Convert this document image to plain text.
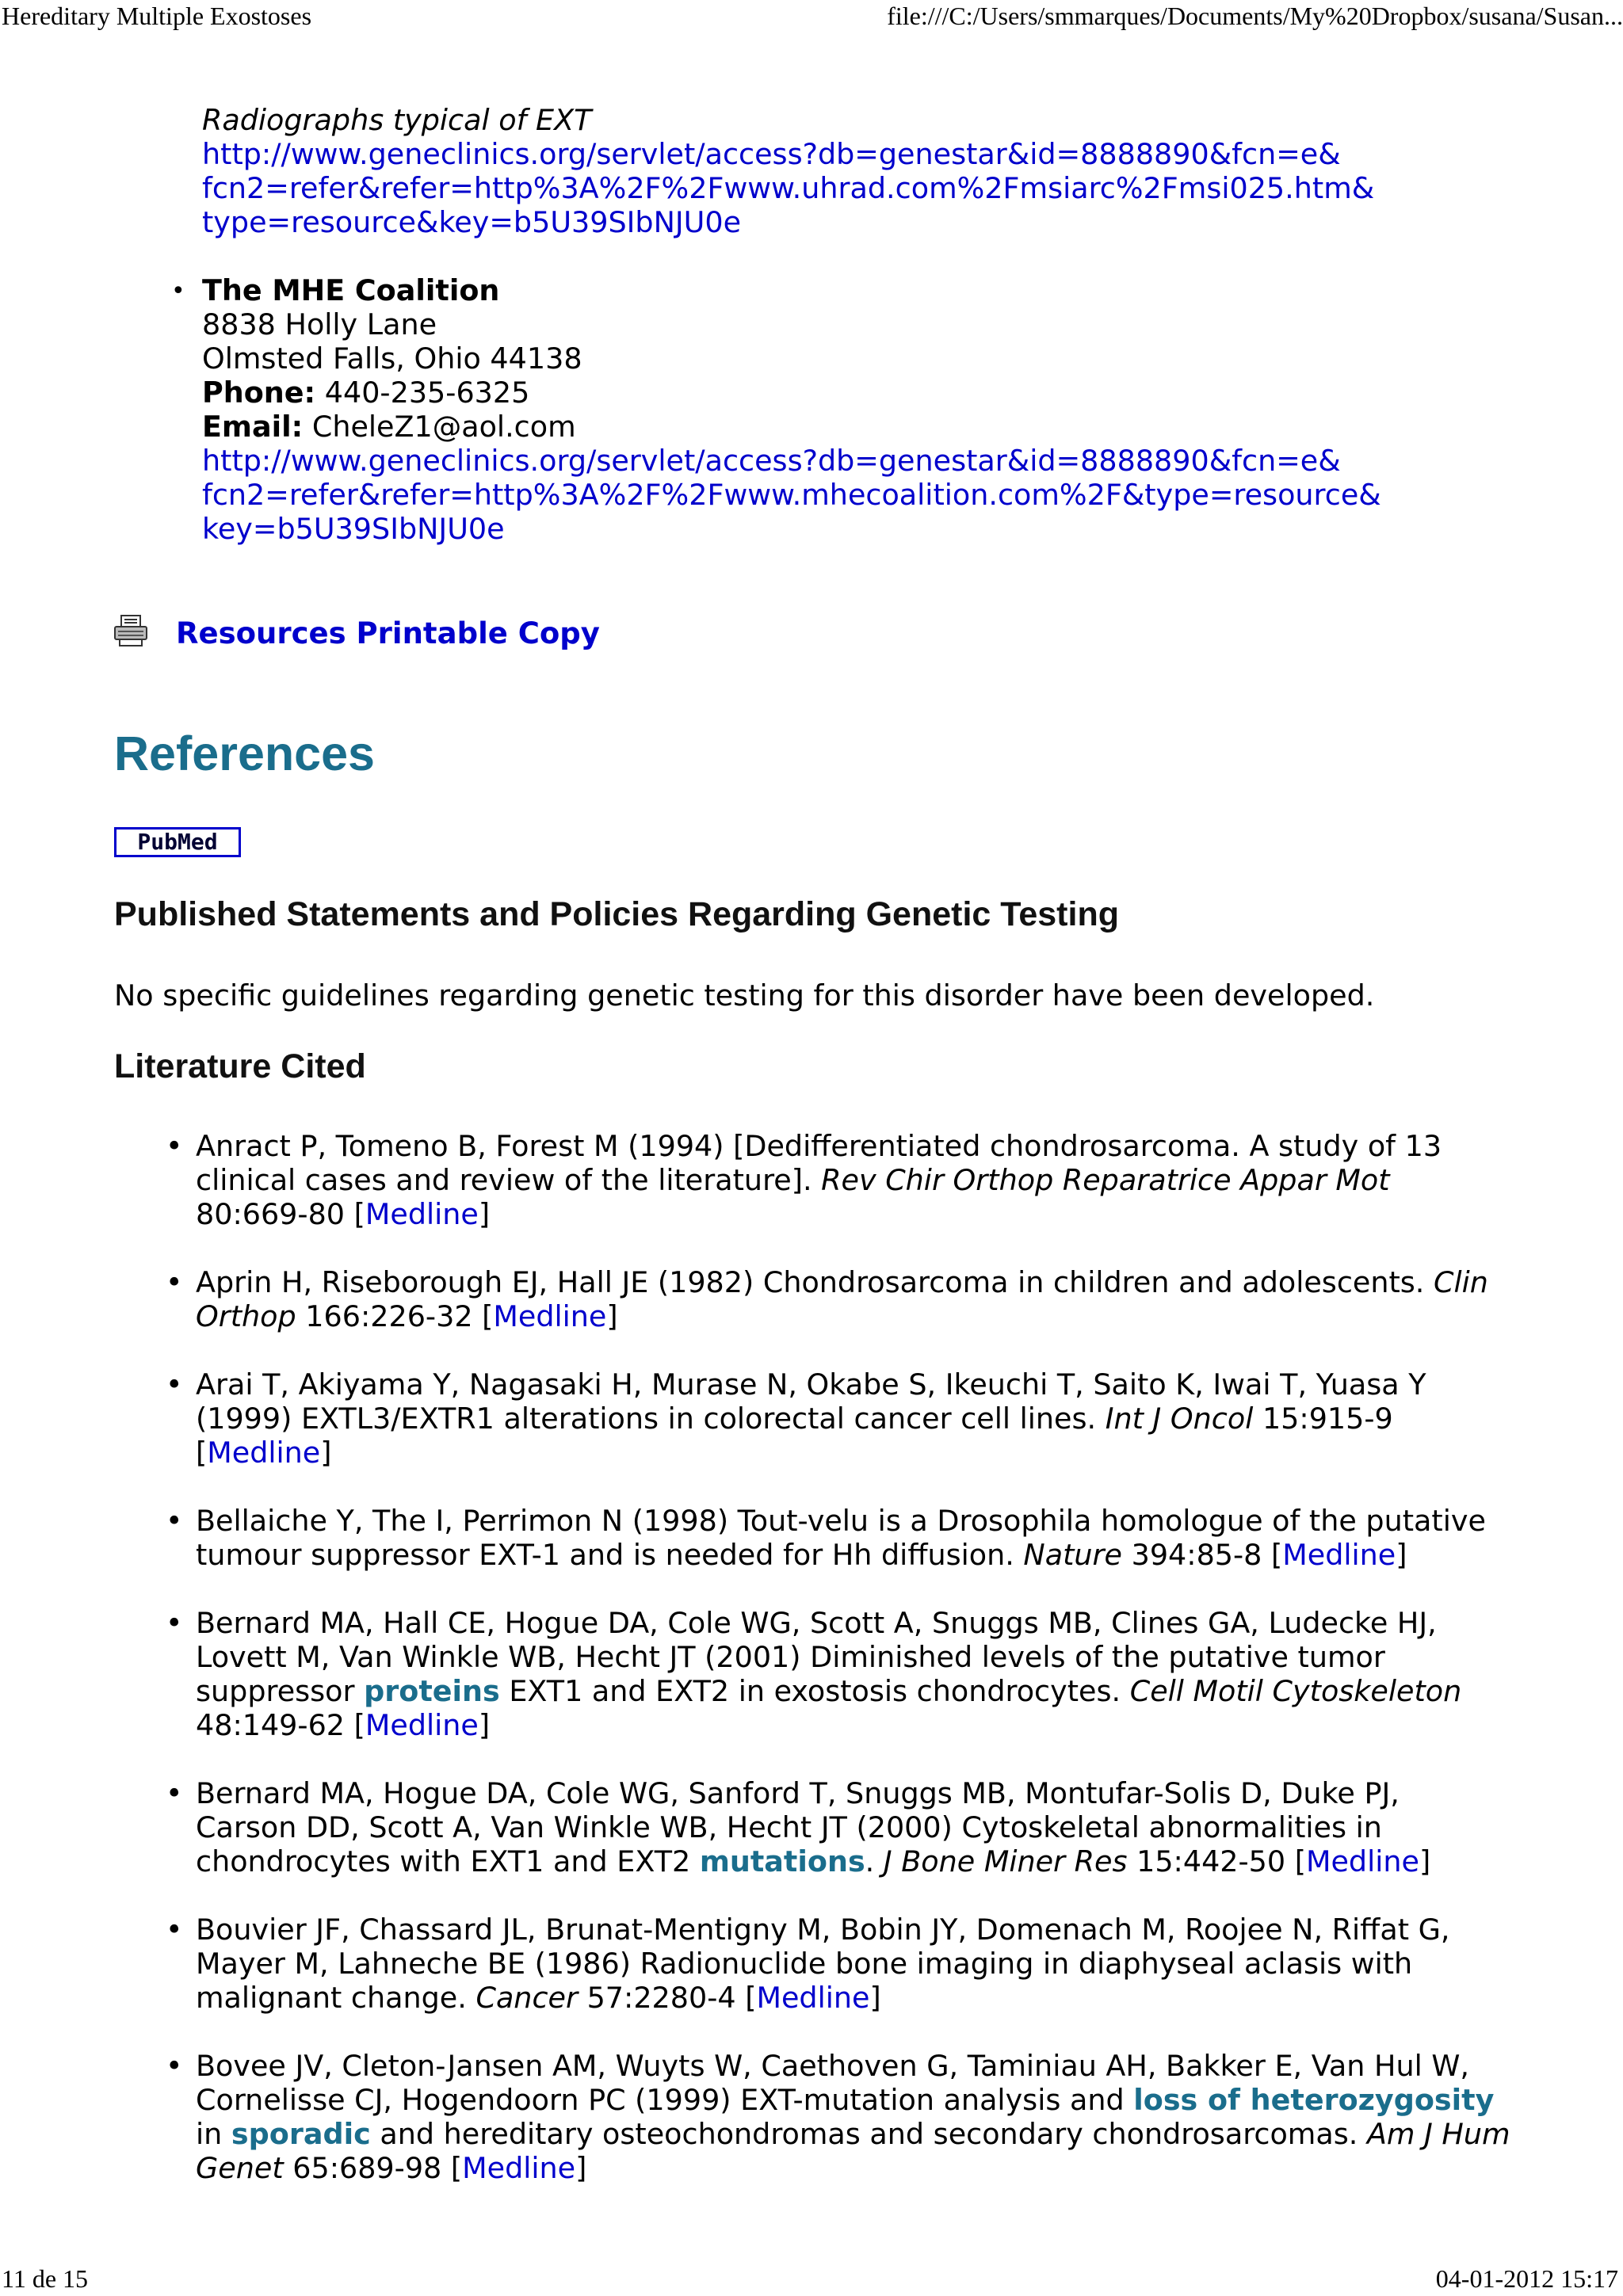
Hereditary Multiple Exostoses	file:///C:/Users/smmarques/Documents/My%20Dropbox/susana/Susan...
Radiographs typical of EXT
http://www.geneclinics.org/servlet/access?db=genestar&id=8888890&fcn=e&
fcn2=refer&refer=http%3A%2F%2Fwww.uhrad.com%2Fmsiarc%2Fmsi025.htm&
type=resource&key=b5U39SIbNJU0e
• The MHE Coalition
8838 Holly Lane
Olmsted Falls, Ohio 44138
Phone: 440-235-6325
Email: CheleZ1@aol.com
http://www.geneclinics.org/servlet/access?db=genestar&id=8888890&fcn=e&
fcn2=refer&refer=http%3A%2F%2Fwww.mhecoalition.com%2F&type=resource&
key=b5U39SIbNJU0e
Resources Printable Copy
References
PubMed
Published Statements and Policies Regarding Genetic Testing
No specific guidelines regarding genetic testing for this disorder have been developed.
Literature Cited
• Anract P, Tomeno B, Forest M (1994) [Dedifferentiated chondrosarcoma. A study of 13
clinical cases and review of the literature]. Rev Chir Orthop Reparatrice Appar Mot
80:669-80 [Medline]
• Aprin H, Riseborough EJ, Hall JE (1982) Chondrosarcoma in children and adolescents. Clin
Orthop 166:226-32 [Medline]
• Arai T, Akiyama Y, Nagasaki H, Murase N, Okabe S, Ikeuchi T, Saito K, Iwai T, Yuasa Y
(1999) EXTL3/EXTR1 alterations in colorectal cancer cell lines. Int J Oncol 15:915-9
[Medline]
• Bellaiche Y, The I, Perrimon N (1998) Tout-velu is a Drosophila homologue of the putative
tumour suppressor EXT-1 and is needed for Hh diffusion. Nature 394:85-8 [Medline]
• Bernard MA, Hall CE, Hogue DA, Cole WG, Scott A, Snuggs MB, Clines GA, Ludecke HJ,
Lovett M, Van Winkle WB, Hecht JT (2001) Diminished levels of the putative tumor
suppressor proteins EXT1 and EXT2 in exostosis chondrocytes. Cell Motil Cytoskeleton
48:149-62 [Medline]
• Bernard MA, Hogue DA, Cole WG, Sanford T, Snuggs MB, Montufar-Solis D, Duke PJ,
Carson DD, Scott A, Van Winkle WB, Hecht JT (2000) Cytoskeletal abnormalities in
chondrocytes with EXT1 and EXT2 mutations. J Bone Miner Res 15:442-50 [Medline]
• Bouvier JF, Chassard JL, Brunat-Mentigny M, Bobin JY, Domenach M, Roojee N, Riffat G,
Mayer M, Lahneche BE (1986) Radionuclide bone imaging in diaphyseal aclasis with
malignant change. Cancer 57:2280-4 [Medline]
• Bovee JV, Cleton-Jansen AM, Wuyts W, Caethoven G, Taminiau AH, Bakker E, Van Hul W,
Cornelisse CJ, Hogendoorn PC (1999) EXT-mutation analysis and loss of heterozygosity
in sporadic and hereditary osteochondromas and secondary chondrosarcomas. Am J Hum
Genet 65:689-98 [Medline]
11 de 15	04-01-2012 15:17
